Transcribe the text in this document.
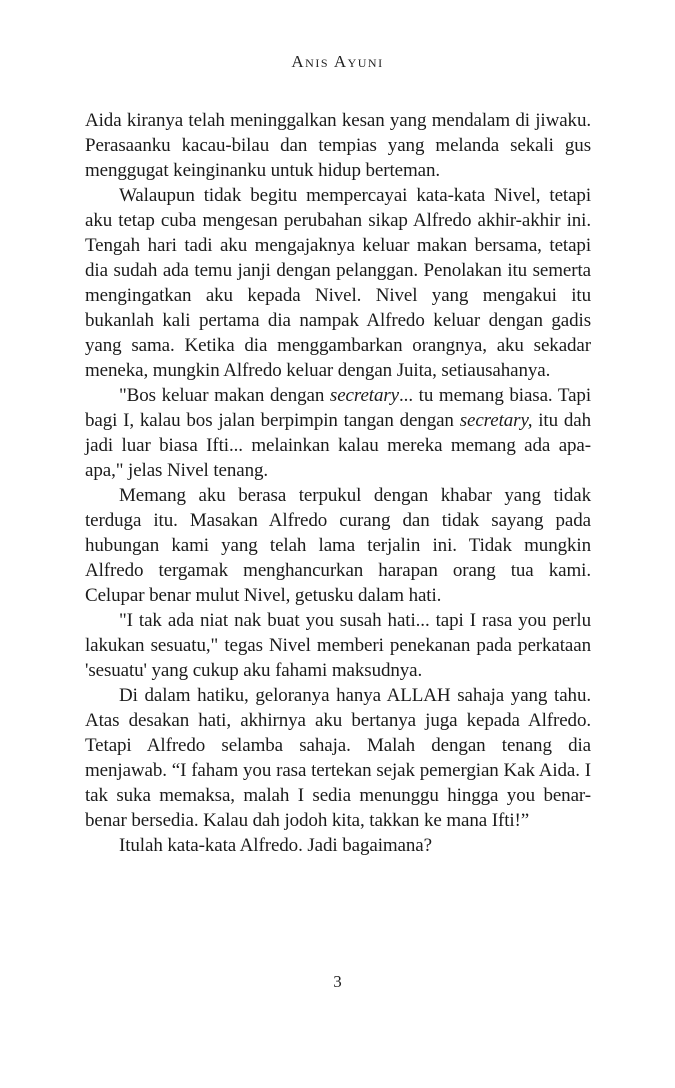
Anis Ayuni

Aida kiranya telah meninggalkan kesan yang mendalam di jiwaku. Perasaanku kacau-bilau dan tempias yang melanda sekali gus menggugat keinginanku untuk hidup berteman.

Walaupun tidak begitu mempercayai kata-kata Nivel, tetapi aku tetap cuba mengesan perubahan sikap Alfredo akhir-akhir ini. Tengah hari tadi aku mengajaknya keluar makan bersama, tetapi dia sudah ada temu janji dengan pelanggan. Penolakan itu semerta mengingatkan aku kepada Nivel. Nivel yang mengakui itu bukanlah kali pertama dia nampak Alfredo keluar dengan gadis yang sama. Ketika dia menggambarkan orangnya, aku sekadar meneka, mungkin Alfredo keluar dengan Juita, setiausahanya.

"Bos keluar makan dengan secretary... tu memang biasa. Tapi bagi I, kalau bos jalan berpimpin tangan dengan secretary, itu dah jadi luar biasa Ifti... melainkan kalau mereka memang ada apa-apa," jelas Nivel tenang.

Memang aku berasa terpukul dengan khabar yang tidak terduga itu. Masakan Alfredo curang dan tidak sayang pada hubungan kami yang telah lama terjalin ini. Tidak mungkin Alfredo tergamak menghancurkan harapan orang tua kami. Celupar benar mulut Nivel, getusku dalam hati.

"I tak ada niat nak buat you susah hati... tapi I rasa you perlu lakukan sesuatu," tegas Nivel memberi penekanan pada perkataan 'sesuatu' yang cukup aku fahami maksudnya.

Di dalam hatiku, geloranya hanya ALLAH sahaja yang tahu. Atas desakan hati, akhirnya aku bertanya juga kepada Alfredo. Tetapi Alfredo selamba sahaja. Malah dengan tenang dia menjawab. “I faham you rasa tertekan sejak pemergian Kak Aida. I tak suka memaksa, malah I sedia menunggu hingga you benar-benar bersedia. Kalau dah jodoh kita, takkan ke mana Ifti!”

Itulah kata-kata Alfredo. Jadi bagaimana?

3
